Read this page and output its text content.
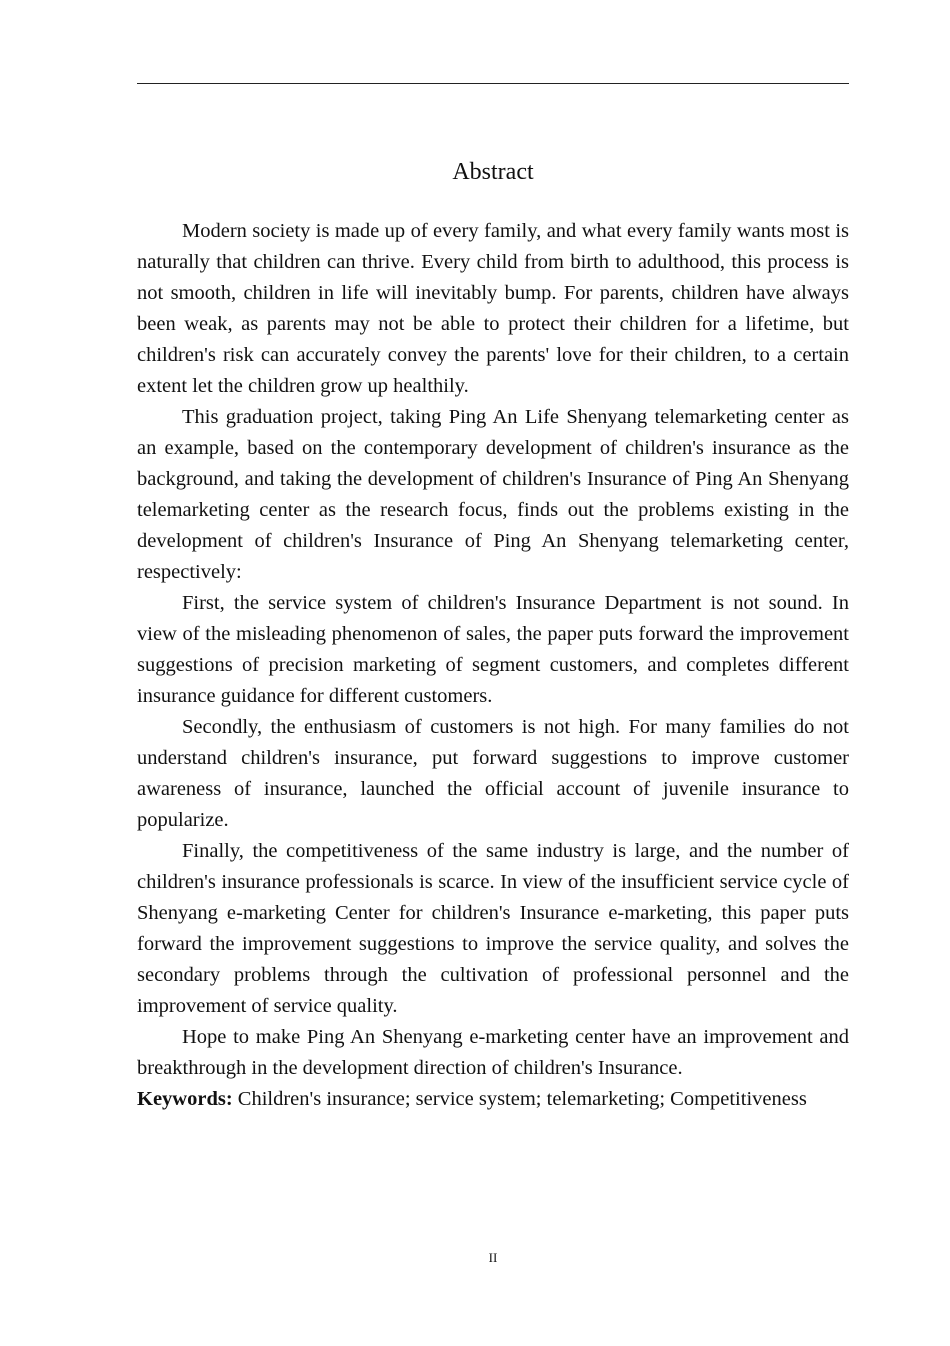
Abstract

Modern society is made up of every family, and what every family wants most is naturally that children can thrive. Every child from birth to adulthood, this process is not smooth, children in life will inevitably bump. For parents, children have always been weak, as parents may not be able to protect their children for a lifetime, but children's risk can accurately convey the parents' love for their children, to a certain extent let the children grow up healthily.

This graduation project, taking Ping An Life Shenyang telemarketing center as an example, based on the contemporary development of children's insurance as the background, and taking the development of children's Insurance of Ping An Shenyang telemarketing center as the research focus, finds out the problems existing in the development of children's Insurance of Ping An Shenyang telemarketing center, respectively:

First, the service system of children's Insurance Department is not sound. In view of the misleading phenomenon of sales, the paper puts forward the improvement suggestions of precision marketing of segment customers, and completes different insurance guidance for different customers.

Secondly, the enthusiasm of customers is not high. For many families do not understand children's insurance, put forward suggestions to improve customer awareness of insurance, launched the official account of juvenile insurance to popularize.

Finally, the competitiveness of the same industry is large, and the number of children's insurance professionals is scarce. In view of the insufficient service cycle of Shenyang e-marketing Center for children's Insurance e-marketing, this paper puts forward the improvement suggestions to improve the service quality, and solves the secondary problems through the cultivation of professional personnel and the improvement of service quality.

Hope to make Ping An Shenyang e-marketing center have an improvement and breakthrough in the development direction of children's Insurance.

Keywords: Children's insurance; service system; telemarketing; Competitiveness

II
